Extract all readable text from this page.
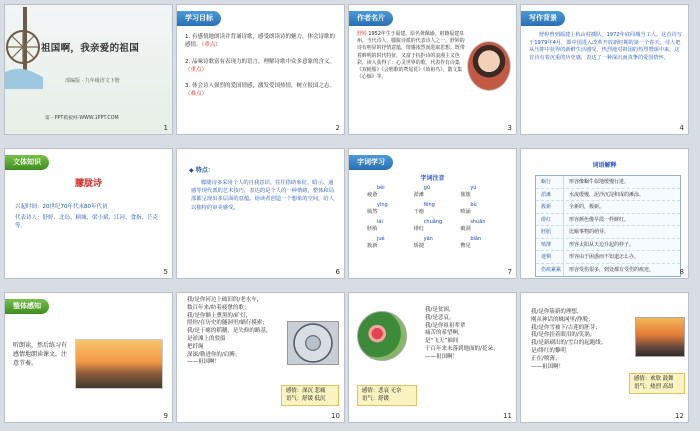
祖国啊，我亲爱的祖国
部编版 · 九年级语文下册
第一PPT模板网-WWW.1PPT.COM
1
学习目标
1. 有感情地朗读并背诵诗歌，感受朗读诗的魅力，体会诗歌的感情。（重点）
2. 品味诗歌富有表现力的语言，理解诗歌中众多意象的含义。（重点）
3. 体会诗人强烈的爱国情感，激发爱国热情，树立报国之志。（难点）
2
作者名片
舒婷 1952年生于福建。原名龚佩瑜，祖籍福建泉州。当代诗人，朦胧诗派的代表诗人之一。舒婷的诗有明显的抒情意蕴，情感浓烈而进取思想。既带着鲜明的时代特征，又富于抗拒诗的浪漫主义色彩，读人获得了：心灵世界的歌。代表作有诗集《双桅船》《会唱歌的鸢尾花》《始祖鸟》，散文集《心烟》等。
3
写作背景
舒婷曾到福建上杭山村插队，1972年底回城当工人。这首诗写于1979年4月，即中国进入改革开放新时期的第一个春天。诗人把从压抑中获得的新鲜生活感受，热烈地对祖国的热烈赞颂中来。这首诗有着沉重的历史感，表达了一种深沉而真挚的爱国情怀。
4
文体知识
朦胧诗
兴起时间：20世纪70年代末80年代初
代表诗人：舒婷、北岛、顾城、梁小斌、江河、食指、芒克等。
5
◆ 特点：
朦胧诗多采用个人的自我意识，往往借助象征、暗示、通感等现代派的艺术技巧，表达的是个人的一种情绪，整体和局部都呈现出多层面的意蕴。给读者创造一个想象的空间，给人以独特的审美感受。
6
字词学习
字词注音
bèi
疲惫
gǔ
淤滩
yú
簇簇
yīng
嫣然
fēng
干瘪
bù
喷涌
lái
胚胎
chuǎng
绯红
shuǎn
破洞
jué
簇新
yān
矫捷
biǎn
瞥见
7
词语解释
蜗行	形容像蜗牛似地缓慢行进。
淤滩	水流缓慢，泥沙沉淀积成的滩涂。
簇新	全新的，极新。
绯红	形容颜色像早霞一样鲜红。
胚胎	比喻事物的萌芽。
喷薄	形容太阳从天边升起的样子。
迷惘	形容由于困惑而不知道怎么办。
伤痕累累	形容受伤很多，到处都有受伤的痕迹。	8
整体感知
听朗读，然后练习有感情地朗读课文，注意节奏。
9
我/是你河边上破旧的/老水车，
数百年来/纺着疲惫的歌；
我/是你额上熏黑的/矿灯，
照你/在历史的隧洞里/蜗行摸索；
我/是干瘪的稻穗，是失修的路基，
是淤滩上的驳船
把纤绳
深深/勒进你的/肩膊；
——祖国啊！
感情：深沉 悲痛
语气：舒缓 低沉
10
我/是贫困，
我/是悲哀。
我/是你祖祖辈辈
痛苦的希望啊，
是“飞天”袖间
千百年来未落到地面的/花朵；
——祖国啊！
感情：悲哀 无奈
语气：舒缓
11
我/是你簇新的理想，
刚从神话的蛛网里/挣脱；
我/是你雪被下/古莲的胚芽；
我/是你挂着眼泪的/笑涡；
我/是新刷出的/雪白的起跑线；
是/绯红的黎明
正在/喷薄；
——祖国啊！
感情：欢欣 鼓舞
语气：热烈 高昂
12
